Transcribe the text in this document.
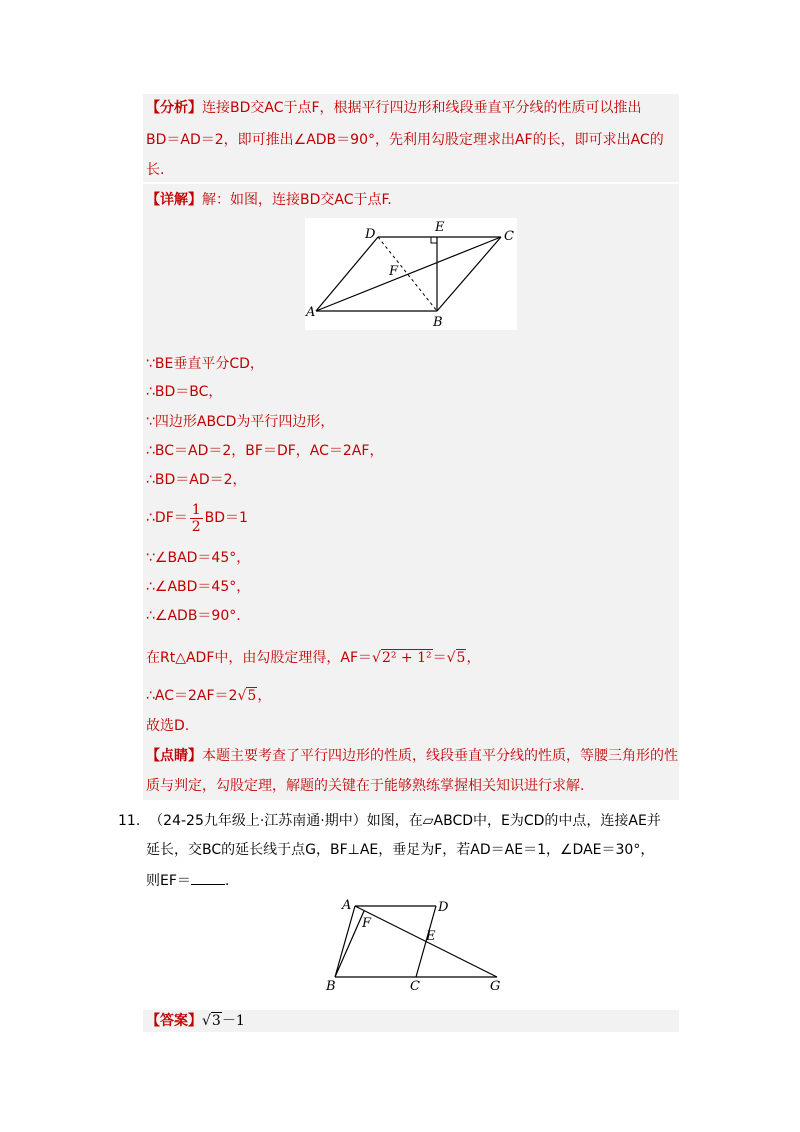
【分析】连接BD交AC于点F，根据平行四边形和线段垂直平分线的性质可以推出
BD＝AD＝2，即可推出∠ADB＝90°，先利用勾股定理求出AF的长，即可求出AC的
长.
【详解】解：如图，连接BD交AC于点F.
D	E
C
F
A
B
∵BE垂直平分CD，
∴BD＝BC，
∵四边形ABCD为平行四边形，
∴BC＝AD＝2，BF＝DF，AC＝2AF，
∴BD＝AD＝2，
∴DF＝ $\frac{1}{2} BD=1$
∵∠BAD＝45°，
∴∠ABD＝45°，
∴∠ADB＝90°.
在Rt△ADF中，由勾股定理得，AF＝√2² + 1²＝√5，
∴AC＝2AF＝2√5，
故选D.
【点睛】本题主要考查了平行四边形的性质，线段垂直平分线的性质，等腰三角形的性
质与判定，勾股定理，解题的关键在于能够熟练掌握相关知识进行求解.
11. （24-25九年级上·江苏南通·期中）如图，在▱ABCD中，E为CD的中点，连接AE并
延长，交BC的延长线于点G，BF⊥AE，垂足为F，若AD＝AE＝1，∠DAE＝30°，
则EF＝ .
A	D
F
E
B	C	G
【答案】√3－1
